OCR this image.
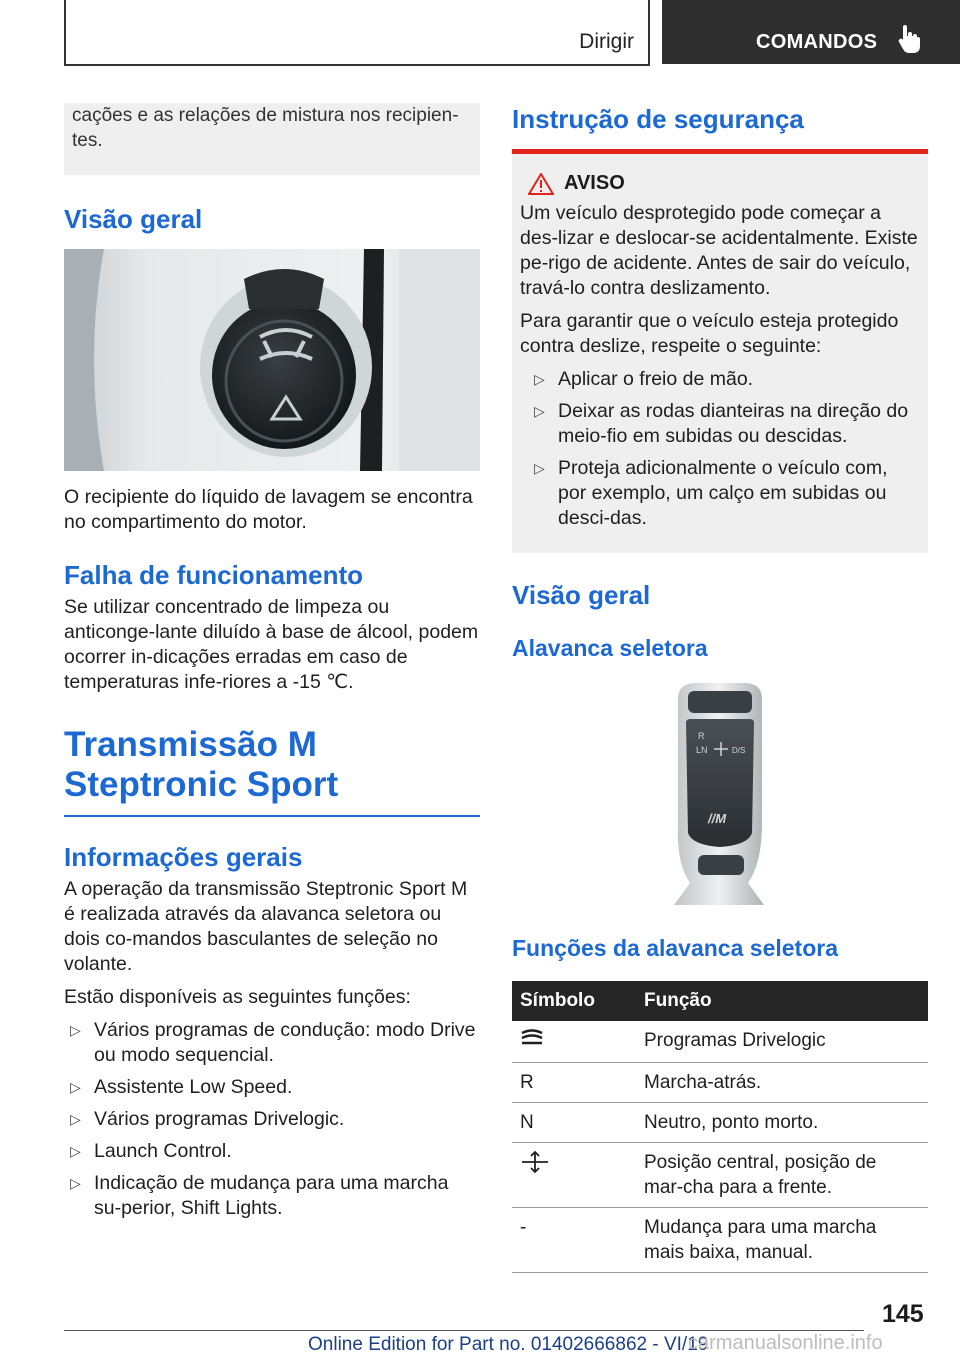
Dirigir	COMANDOS

cações e as relações de mistura nos recipien-tes.

Visão geral

O recipiente do líquido de lavagem se encontra no compartimento do motor.

Falha de funcionamento

Se utilizar concentrado de limpeza ou anticonge-lante diluído à base de álcool, podem ocorrer in-dicações erradas em caso de temperaturas infe-riores a -15 ℃.

Transmissão M Steptronic Sport
Informações gerais

A operação da transmissão Steptronic Sport M é realizada através da alavanca seletora ou dois co-mandos basculantes de seleção no volante.

Estão disponíveis as seguintes funções:

▷ Vários programas de condução: modo Drive ou modo sequencial.
▷ Assistente Low Speed.
▷ Vários programas Drivelogic.
▷ Launch Control.
▷ Indicação de mudança para uma marcha su-perior, Shift Lights.
Instrução de segurança
AVISO

Um veículo desprotegido pode começar a des-lizar e deslocar-se acidentalmente. Existe pe-rigo de acidente. Antes de sair do veículo, travá-lo contra deslizamento.

Para garantir que o veículo esteja protegido contra deslize, respeite o seguinte:

▷ Aplicar o freio de mão.
▷ Deixar as rodas dianteiras na direção do meio-fio em subidas ou descidas.
▷ Proteja adicionalmente o veículo com, por exemplo, um calço em subidas ou desci-das.
Visão geral
Alavanca seletora
R
LN	D/S
//M
Funções da alavanca seletora
Símbolo	Função
	Programas Drivelogic
R	Marcha-atrás.
N	Neutro, ponto morto.
	Posição central, posição de mar-cha para a frente.
-	Mudança para uma marcha mais baixa, manual.
145
Online Edition for Part no. 01402666862 - VI/19
carmanualsonline.info
